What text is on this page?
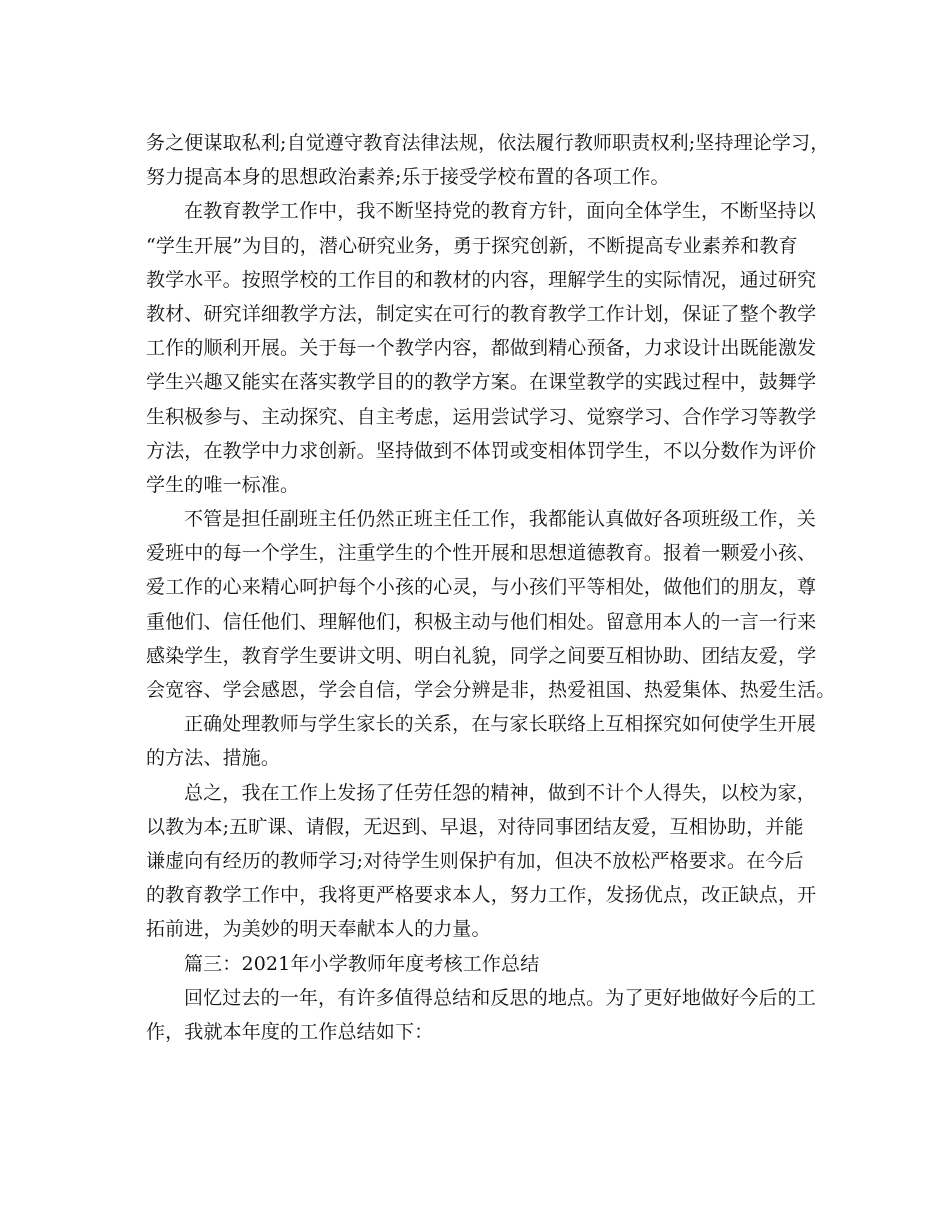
务之便谋取私利;自觉遵守教育法律法规，依法履行教师职责权利;坚持理论学习，
努力提高本身的思想政治素养;乐于接受学校布置的各项工作。
在教育教学工作中，我不断坚持党的教育方针，面向全体学生，不断坚持以
“学生开展”为目的，潜心研究业务，勇于探究创新，不断提高专业素养和教育
教学水平。按照学校的工作目的和教材的内容，理解学生的实际情况，通过研究
教材、研究详细教学方法，制定实在可行的教育教学工作计划，保证了整个教学
工作的顺利开展。关于每一个教学内容，都做到精心预备，力求设计出既能激发
学生兴趣又能实在落实教学目的的教学方案。在课堂教学的实践过程中，鼓舞学
生积极参与、主动探究、自主考虑，运用尝试学习、觉察学习、合作学习等教学
方法，在教学中力求创新。坚持做到不体罚或变相体罚学生，不以分数作为评价
学生的唯一标准。
不管是担任副班主任仍然正班主任工作，我都能认真做好各项班级工作，关
爱班中的每一个学生，注重学生的个性开展和思想道德教育。报着一颗爱小孩、
爱工作的心来精心呵护每个小孩的心灵，与小孩们平等相处，做他们的朋友，尊
重他们、信任他们、理解他们，积极主动与他们相处。留意用本人的一言一行来
感染学生，教育学生要讲文明、明白礼貌，同学之间要互相协助、团结友爱，学
会宽容、学会感恩，学会自信，学会分辨是非，热爱祖国、热爱集体、热爱生活。
正确处理教师与学生家长的关系，在与家长联络上互相探究如何使学生开展
的方法、措施。
总之，我在工作上发扬了任劳任怨的精神，做到不计个人得失，以校为家，
以教为本;五旷课、请假，无迟到、早退，对待同事团结友爱，互相协助，并能
谦虚向有经历的教师学习;对待学生则保护有加，但决不放松严格要求。在今后
的教育教学工作中，我将更严格要求本人，努力工作，发扬优点，改正缺点，开
拓前进，为美妙的明天奉献本人的力量。
篇三：2021年小学教师年度考核工作总结
回忆过去的一年，有许多值得总结和反思的地点。为了更好地做好今后的工
作，我就本年度的工作总结如下：
